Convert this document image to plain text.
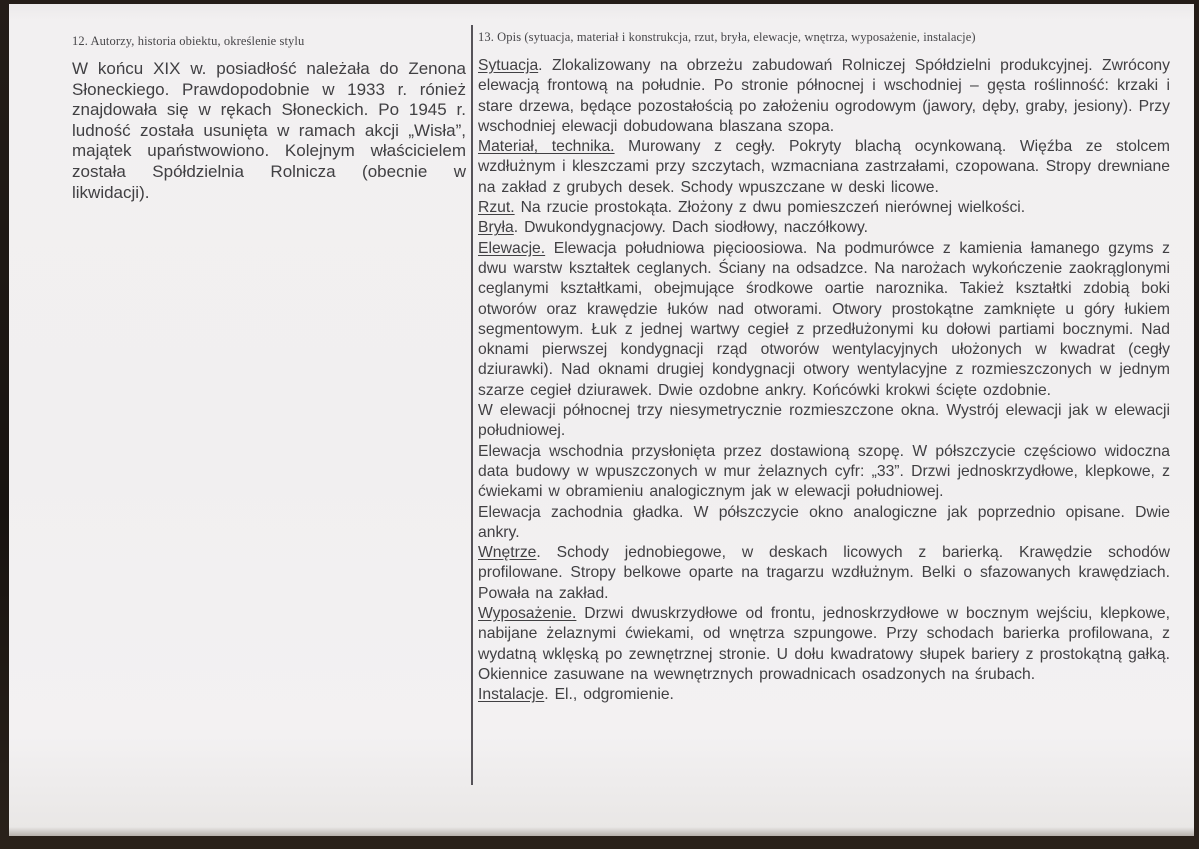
12. Autorzy, historia obiektu, określenie stylu
W końcu XIX w. posiadłość należała do Zenona Słoneckiego. Prawdopodobnie w 1933 r. rónież znajdowała się w rękach Słoneckich. Po 1945 r. ludność została usunięta w ramach akcji „Wisła”, majątek upaństwowiono. Kolejnym właścicielem została Spółdzielnia Rolnicza (obecnie w likwidacji).
13. Opis (sytuacja, materiał i konstrukcja, rzut, bryła, elewacje, wnętrza, wyposażenie, instalacje)

Sytuacja. Zlokalizowany na obrzeżu zabudowań Rolniczej Spółdzielni produkcyjnej. Zwrócony elewacją frontową na południe. Po stronie północnej i wschodniej – gęsta roślinność: krzaki i stare drzewa, będące pozostałością po założeniu ogrodowym (jawory, dęby, graby, jesiony). Przy wschodniej elewacji dobudowana blaszana szopa.

Materiał, technika. Murowany z cegły. Pokryty blachą ocynkowaną. Więźba ze stolcem wzdłużnym i kleszczami przy szczytach, wzmacniana zastrzałami, czopowana. Stropy drewniane na zakład z grubych desek. Schody wpuszczane w deski licowe.

Rzut. Na rzucie prostokąta. Złożony z dwu pomieszczeń nierównej wielkości.

Bryła. Dwukondygnacjowy. Dach siodłowy, naczółkowy.

Elewacje. Elewacja południowa pięcioosiowa. Na podmurówce z kamienia łamanego gzyms z dwu warstw kształtek ceglanych. Ściany na odsadzce. Na narożach wykończenie zaokrąglonymi ceglanymi kształtkami, obejmujące środkowe oartie naroznika. Takież kształtki zdobią boki otworów oraz krawędzie łuków nad otworami. Otwory prostokątne zamknięte u góry łukiem segmentowym. Łuk z jednej wartwy cegieł z przedłużonymi ku dołowi partiami bocznymi. Nad oknami pierwszej kondygnacji rząd otworów wentylacyjnych ułożonych w kwadrat (cegły dziurawki). Nad oknami drugiej kondygnacji otwory wentylacyjne z rozmieszczonych w jednym szarze cegieł dziurawek. Dwie ozdobne ankry. Końcówki krokwi ścięte ozdobnie.

W elewacji północnej trzy niesymetrycznie rozmieszczone okna. Wystrój elewacji jak w elewacji południowej.

Elewacja wschodnia przysłonięta przez dostawioną szopę. W półszczycie częściowo widoczna data budowy w wpuszczonych w mur żelaznych cyfr: „33”. Drzwi jednoskrzydłowe, klepkowe, z ćwiekami w obramieniu analogicznym jak w elewacji południowej.

Elewacja zachodnia gładka. W półszczycie okno analogiczne jak poprzednio opisane. Dwie ankry.

Wnętrze. Schody jednobiegowe, w deskach licowych z barierką. Krawędzie schodów profilowane. Stropy belkowe oparte na tragarzu wzdłużnym. Belki o sfazowanych krawędziach. Powała na zakład.

Wyposażenie. Drzwi dwuskrzydłowe od frontu, jednoskrzydłowe w bocznym wejściu, klepkowe, nabijane żelaznymi ćwiekami, od wnętrza szpungowe. Przy schodach barierka profilowana, z wydatną wklęską po zewnętrznej stronie. U dołu kwadratowy słupek bariery z prostokątną gałką. Okiennice zasuwane na wewnętrznych prowadnicach osadzonych na śrubach.

Instalacje. El., odgromienie.
